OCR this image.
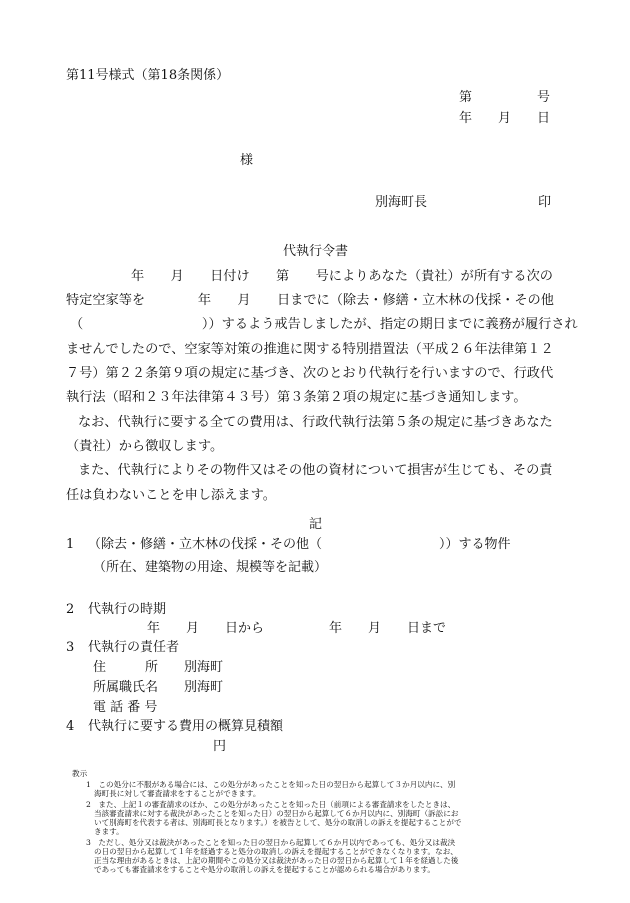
第11号様式（第18条関係）
第　　　　　号
年　　月　　日
様
別海町長	印
代執行令書
年　　月　　日付け　　第　　号によりあなた（貴社）が所有する次の
特定空家等を　　　　年　　月　　日までに（除去・修繕・立木林の伐採・その他
（　　　　　　　　　））するよう戒告しましたが、指定の期日までに義務が履行され
ませんでしたので、空家等対策の推進に関する特別措置法（平成２６年法律第１２
７号）第２２条第９項の規定に基づき、次のとおり代執行を行いますので、行政代
執行法（昭和２３年法律第４３号）第３条第２項の規定に基づき通知します。
なお、代執行に要する全ての費用は、行政代執行法第５条の規定に基づきあなた
（貴社）から徴収します。
また、代執行によりその物件又はその他の資材について損害が生じても、その責
任は負わないことを申し添えます。
記
1 （除去・修繕・立木林の伐採・その他（　　　　　　　　　））する物件
（所在、建築物の用途、規模等を記載）
2 代執行の時期
年　　月　　日から　　　　　年　　月　　日まで
3 代執行の責任者
住　　　所 別海町
所属職氏名 別海町
電 話 番 号
4 代執行に要する費用の概算見積額
円
教示
1　この処分に不服がある場合には、この処分があったことを知った日の翌日から起算して３か月以内に、別
海町長に対して審査請求をすることができます。
2　また、上記１の審査請求のほか、この処分があったことを知った日（前項による審査請求をしたときは、
当該審査請求に対する裁決があったことを知った日）の翌日から起算して６か月以内に、別海町（訴訟にお
いて別海町を代表する者は、別海町長となります。）を被告として、処分の取消しの訴えを提起することがで
きます。
3　ただし、処分又は裁決があったことを知った日の翌日から起算して６か月以内であっても、処分又は裁決
の日の翌日から起算して１年を経過すると処分の取消しの訴えを提起することができなくなります。なお、
正当な理由があるときは、上記の期間やこの処分又は裁決があった日の翌日から起算して１年を経過した後
であっても審査請求をすることや処分の取消しの訴えを提起することが認められる場合があります。
